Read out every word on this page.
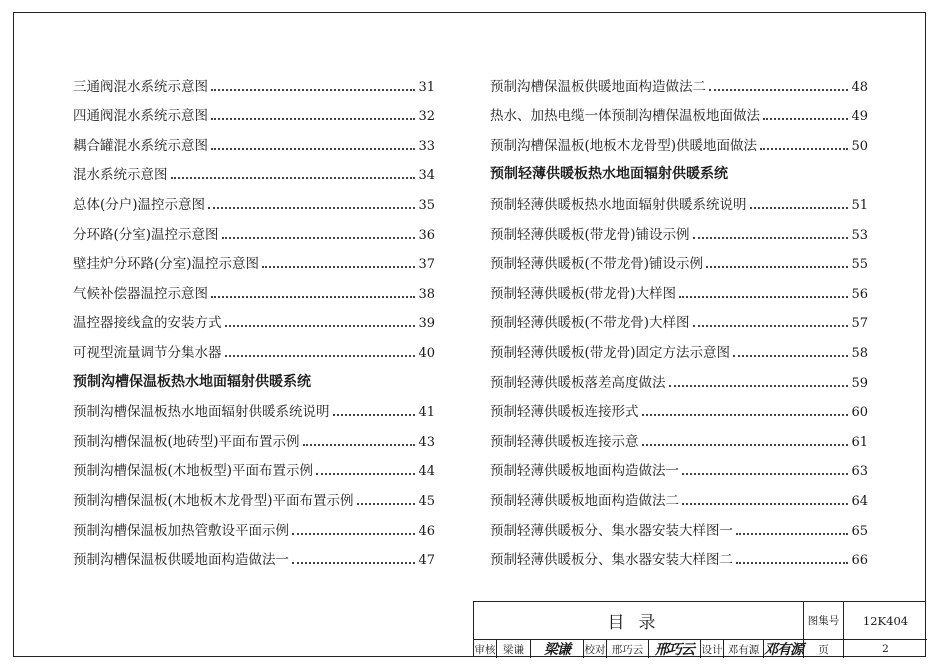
三通阀混水系统示意图	31
四通阀混水系统示意图	32
耦合罐混水系统示意图	33
混水系统示意图	34
总体(分户)温控示意图	35
分环路(分室)温控示意图	36
壁挂炉分环路(分室)温控示意图	37
气候补偿器温控示意图	38
温控器接线盒的安装方式	39
可视型流量调节分集水器	40
预制沟槽保温板热水地面辐射供暖系统
预制沟槽保温板热水地面辐射供暖系统说明	41
预制沟槽保温板(地砖型)平面布置示例	43
预制沟槽保温板(木地板型)平面布置示例	44
预制沟槽保温板(木地板木龙骨型)平面布置示例	45
预制沟槽保温板加热管敷设平面示例	46
预制沟槽保温板供暖地面构造做法一	47
预制沟槽保温板供暖地面构造做法二	48
热水、加热电缆一体预制沟槽保温板地面做法	49
预制沟槽保温板(地板木龙骨型)供暖地面做法	50
预制轻薄供暖板热水地面辐射供暖系统
预制轻薄供暖板热水地面辐射供暖系统说明	51
预制轻薄供暖板(带龙骨)铺设示例	53
预制轻薄供暖板(不带龙骨)铺设示例	55
预制轻薄供暖板(带龙骨)大样图	56
预制轻薄供暖板(不带龙骨)大样图	57
预制轻薄供暖板(带龙骨)固定方法示意图	58
预制轻薄供暖板落差高度做法	59
预制轻薄供暖板连接形式	60
预制轻薄供暖板连接示意	61
预制轻薄供暖板地面构造做法一	63
预制轻薄供暖板地面构造做法二	64
预制轻薄供暖板分、集水器安装大样图一	65
预制轻薄供暖板分、集水器安装大样图二	66
目录	图集号	12K404
审核 梁谦	梁谦	校对 邢巧云 邢巧云 设计 邓有源 邓有源	页	2
